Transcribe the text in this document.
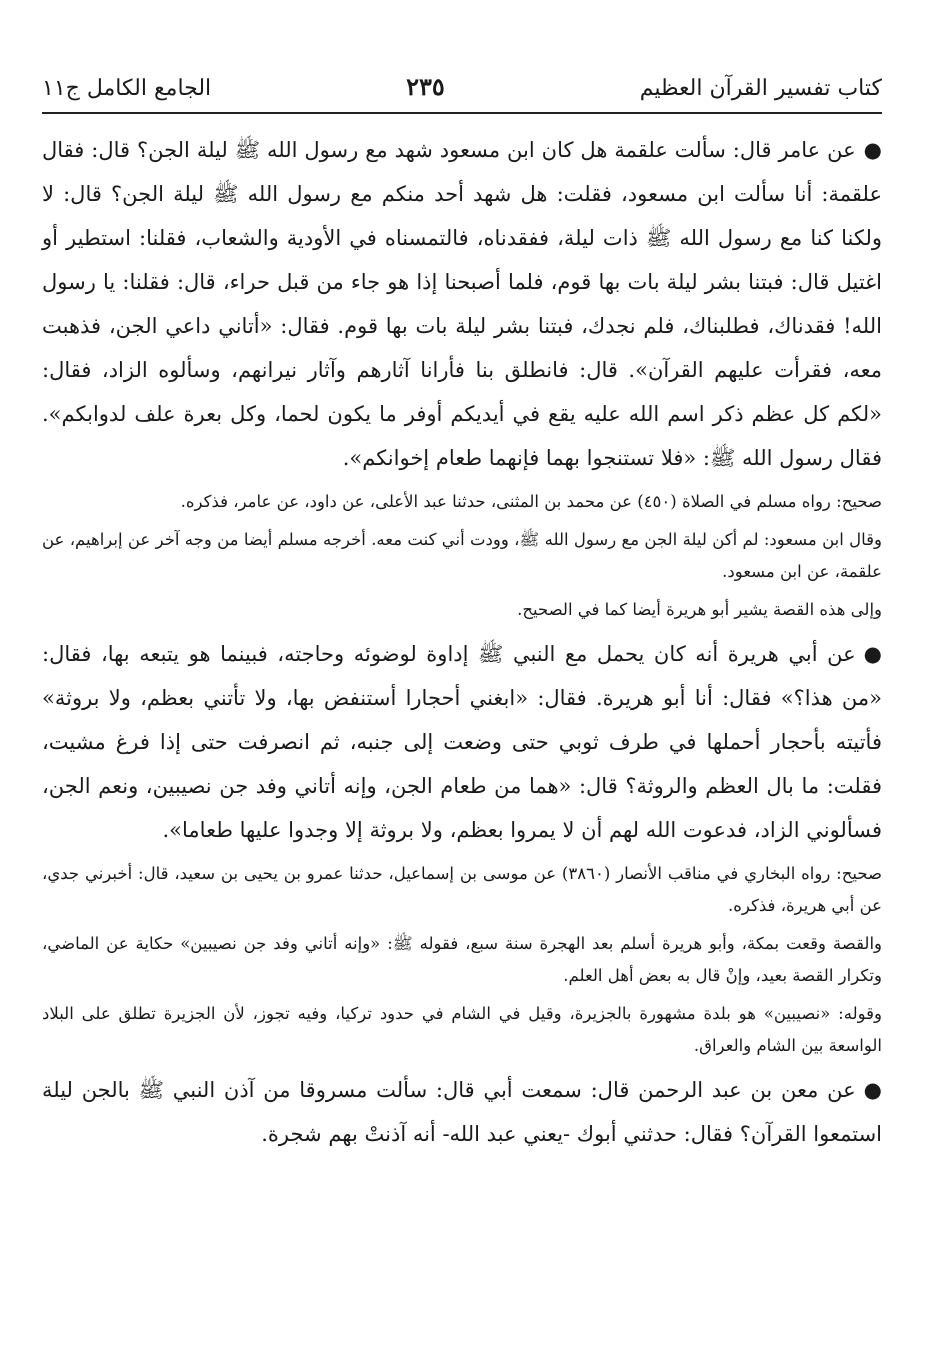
كتاب تفسير القرآن العظيم
٢٣٥
الجامع الكامل ج١١

●عن عامر قال: سألت علقمة هل كان ابن مسعود شهد مع رسول الله ﷺ ليلة الجن؟ قال: فقال علقمة: أنا سألت ابن مسعود، فقلت: هل شهد أحد منكم مع رسول الله ﷺ ليلة الجن؟ قال: لا ولكنا كنا مع رسول الله ﷺ ذات ليلة، ففقدناه، فالتمسناه في الأودية والشعاب، فقلنا: استطير أو اغتيل قال: فبتنا بشر ليلة بات بها قوم، فلما أصبحنا إذا هو جاء من قبل حراء، قال: فقلنا: يا رسول الله! فقدناك، فطلبناك، فلم نجدك، فبتنا بشر ليلة بات بها قوم. فقال: «أتاني داعي الجن، فذهبت معه، فقرأت عليهم القرآن». قال: فانطلق بنا فأرانا آثارهم وآثار نيرانهم، وسألوه الزاد، فقال: «لكم كل عظم ذكر اسم الله عليه يقع في أيديكم أوفر ما يكون لحما، وكل بعرة علف لدوابكم». فقال رسول الله ﷺ: «فلا تستنجوا بهما فإنهما طعام إخوانكم».

صحيح: رواه مسلم في الصلاة (٤٥٠) عن محمد بن المثنى، حدثنا عبد الأعلى، عن داود، عن عامر، فذكره.

وقال ابن مسعود: لم أكن ليلة الجن مع رسول الله ﷺ، وودت أني كنت معه. أخرجه مسلم أيضا من وجه آخر عن إبراهيم، عن علقمة، عن ابن مسعود.

وإلى هذه القصة يشير أبو هريرة أيضا كما في الصحيح.

●عن أبي هريرة أنه كان يحمل مع النبي ﷺ إداوة لوضوئه وحاجته، فبينما هو يتبعه بها، فقال: «من هذا؟» فقال: أنا أبو هريرة. فقال: «ابغني أحجارا أستنفض بها، ولا تأتني بعظم، ولا بروثة» فأتيته بأحجار أحملها في طرف ثوبي حتى وضعت إلى جنبه، ثم انصرفت حتى إذا فرغ مشيت، فقلت: ما بال العظم والروثة؟ قال: «هما من طعام الجن، وإنه أتاني وفد جن نصيبين، ونعم الجن، فسألوني الزاد، فدعوت الله لهم أن لا يمروا بعظم، ولا بروثة إلا وجدوا عليها طعاما».

صحيح: رواه البخاري في مناقب الأنصار (٣٨٦٠) عن موسى بن إسماعيل، حدثنا عمرو بن يحيى بن سعيد، قال: أخبرني جدي، عن أبي هريرة، فذكره.

والقصة وقعت بمكة، وأبو هريرة أسلم بعد الهجرة سنة سبع، فقوله ﷺ: «وإنه أتاني وفد جن نصيبين» حكاية عن الماضي، وتكرار القصة بعيد، وإنْ قال به بعض أهل العلم.

وقوله: «نصيبين» هو بلدة مشهورة بالجزيرة، وقيل في الشام في حدود تركيا، وفيه تجوز، لأن الجزيرة تطلق على البلاد الواسعة بين الشام والعراق.

●عن معن بن عبد الرحمن قال: سمعت أبي قال: سألت مسروقا من آذن النبي ﷺ بالجن ليلة استمعوا القرآن؟ فقال: حدثني أبوك -يعني عبد الله- أنه آذنتْ بهم شجرة.
